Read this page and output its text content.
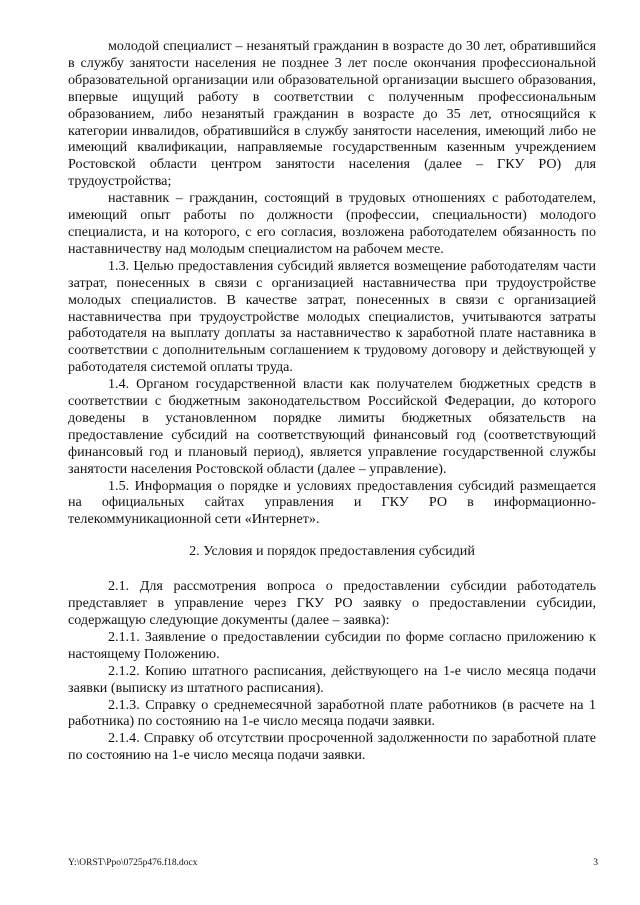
молодой специалист – незанятый гражданин в возрасте до 30 лет, обратившийся в службу занятости населения не позднее 3 лет после окончания профессиональной образовательной организации или образовательной организации высшего образования, впервые ищущий работу в соответствии с полученным профессиональным образованием, либо незанятый гражданин в возрасте до 35 лет, относящийся к категории инвалидов, обратившийся в службу занятости населения, имеющий либо не имеющий квалификации, направляемые государственным казенным учреждением Ростовской области центром занятости населения (далее – ГКУ РО) для трудоустройства;

наставник – гражданин, состоящий в трудовых отношениях с работодателем, имеющий опыт работы по должности (профессии, специальности) молодого специалиста, и на которого, с его согласия, возложена работодателем обязанность по наставничеству над молодым специалистом на рабочем месте.

1.3. Целью предоставления субсидий является возмещение работодателям части затрат, понесенных в связи с организацией наставничества при трудоустройстве молодых специалистов. В качестве затрат, понесенных в связи с организацией наставничества при трудоустройстве молодых специалистов, учитываются затраты работодателя на выплату доплаты за наставничество к заработной плате наставника в соответствии с дополнительным соглашением к трудовому договору и действующей у работодателя системой оплаты труда.

1.4. Органом государственной власти как получателем бюджетных средств в соответствии с бюджетным законодательством Российской Федерации, до которого доведены в установленном порядке лимиты бюджетных обязательств на предоставление субсидий на соответствующий финансовый год (соответствующий финансовый год и плановый период), является управление государственной службы занятости населения Ростовской области (далее – управление).

1.5. Информация о порядке и условиях предоставления субсидий размещается на официальных сайтах управления и ГКУ РО в информационно-телекоммуникационной сети «Интернет».

2. Условия и порядок предоставления субсидий

2.1. Для рассмотрения вопроса о предоставлении субсидии работодатель представляет в управление через ГКУ РО заявку о предоставлении субсидии, содержащую следующие документы (далее – заявка):

2.1.1. Заявление о предоставлении субсидии по форме согласно приложению к настоящему Положению.

2.1.2. Копию штатного расписания, действующего на 1-е число месяца подачи заявки (выписку из штатного расписания).

2.1.3. Справку о среднемесячной заработной плате работников (в расчете на 1 работника) по состоянию на 1-е число месяца подачи заявки.

2.1.4. Справку об отсутствии просроченной задолженности по заработной плате по состоянию на 1-е число месяца подачи заявки.

Y:\ORST\Ppo\0725p476.f18.docx	3
